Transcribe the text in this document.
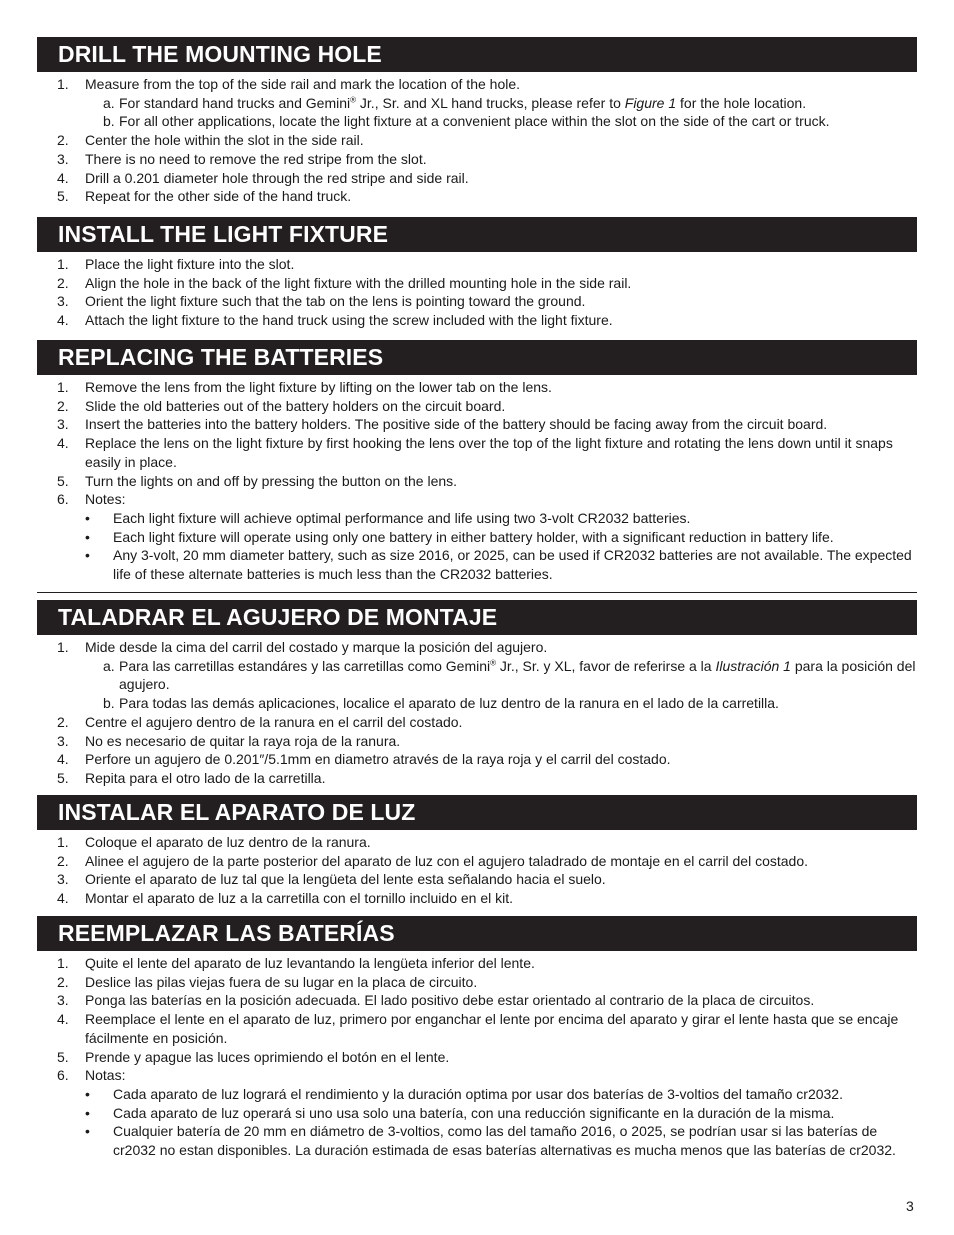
DRILL THE MOUNTING HOLE
1.	Measure from the top of the side rail and mark the location of the hole.
a. For standard hand trucks and Gemini® Jr., Sr. and XL hand trucks, please refer to Figure 1 for the hole location.
b. For all other applications, locate the light fixture at a convenient place within the slot on the side of the cart or truck.
2.	Center the hole within the slot in the side rail.
3.	There is no need to remove the red stripe from the slot.
4.	Drill a 0.201 diameter hole through the red stripe and side rail.
5.	Repeat for the other side of the hand truck.
INSTALL THE LIGHT FIXTURE
1.	Place the light fixture into the slot.
2.	Align the hole in the back of the light fixture with the drilled mounting hole in the side rail.
3.	Orient the light fixture such that the tab on the lens is pointing toward the ground.
4.	Attach the light fixture to the hand truck using the screw included with the light fixture.
REPLACING THE BATTERIES
1.	Remove the lens from the light fixture by lifting on the lower tab on the lens.
2.	Slide the old batteries out of the battery holders on the circuit board.
3.	Insert the batteries into the battery holders. The positive side of the battery should be facing away from the circuit board.
4.	Replace the lens on the light fixture by first hooking the lens over the top of the light fixture and rotating the lens down until it snaps easily in place.
5.	Turn the lights on and off by pressing the button on the lens.
6.	Notes:
•	Each light fixture will achieve optimal performance and life using two 3-volt CR2032 batteries.
•	Each light fixture will operate using only one battery in either battery holder, with a significant reduction in battery life.
•	Any 3-volt, 20 mm diameter battery, such as size 2016, or 2025, can be used if CR2032 batteries are not available. The expected life of these alternate batteries is much less than the CR2032 batteries.
TALADRAR EL AGUJERO DE MONTAJE
1.	Mide desde la cima del carril del costado y marque la posición del agujero.
a. Para las carretillas estandáres y las carretillas como Gemini® Jr., Sr. y XL, favor de referirse a la Ilustración 1 para la posición del agujero.
b. Para todas las demás aplicaciones, localice el aparato de luz dentro de la ranura en el lado de la carretilla.
2.	Centre el agujero dentro de la ranura en el carril del costado.
3.	No es necesario de quitar la raya roja de la ranura.
4.	Perfore un agujero de 0.201″/5.1mm en diametro através de la raya roja y el carril del costado.
5.	Repita para el otro lado de la carretilla.
INSTALAR EL APARATO DE LUZ
1.	Coloque el aparato de luz dentro de la ranura.
2.	Alinee el agujero de la parte posterior del aparato de luz con el agujero taladrado de montaje en el carril del costado.
3.	Oriente el aparato de luz tal que la lengüeta del lente esta señalando hacia el suelo.
4.	Montar el aparato de luz a la carretilla con el tornillo incluido en el kit.
REEMPLAZAR LAS BATERÍAS
1.	Quite el lente del aparato de luz levantando la lengüeta inferior del lente.
2.	Deslice las pilas viejas fuera de su lugar en la placa de circuito.
3.	Ponga las baterías en la posición adecuada. El lado positivo debe estar orientado al contrario de la placa de circuitos.
4.	Reemplace el lente en el aparato de luz, primero por enganchar el lente por encima del aparato y girar el lente hasta que se encaje fácilmente en posición.
5.	Prende y apague las luces oprimiendo el botón en el lente.
6.	Notas:
•	Cada aparato de luz logrará el rendimiento y la duración optima por usar dos baterías de 3-voltios del tamaño cr2032.
•	Cada aparato de luz operará si uno usa solo una batería, con una reducción significante en la duración de la misma.
•	Cualquier batería de 20 mm en diámetro de 3-voltios, como las del tamaño 2016, o 2025, se podrían usar si las baterías de cr2032 no estan disponibles. La duración estimada de esas baterías alternativas es mucha menos que las baterías de cr2032.
3
